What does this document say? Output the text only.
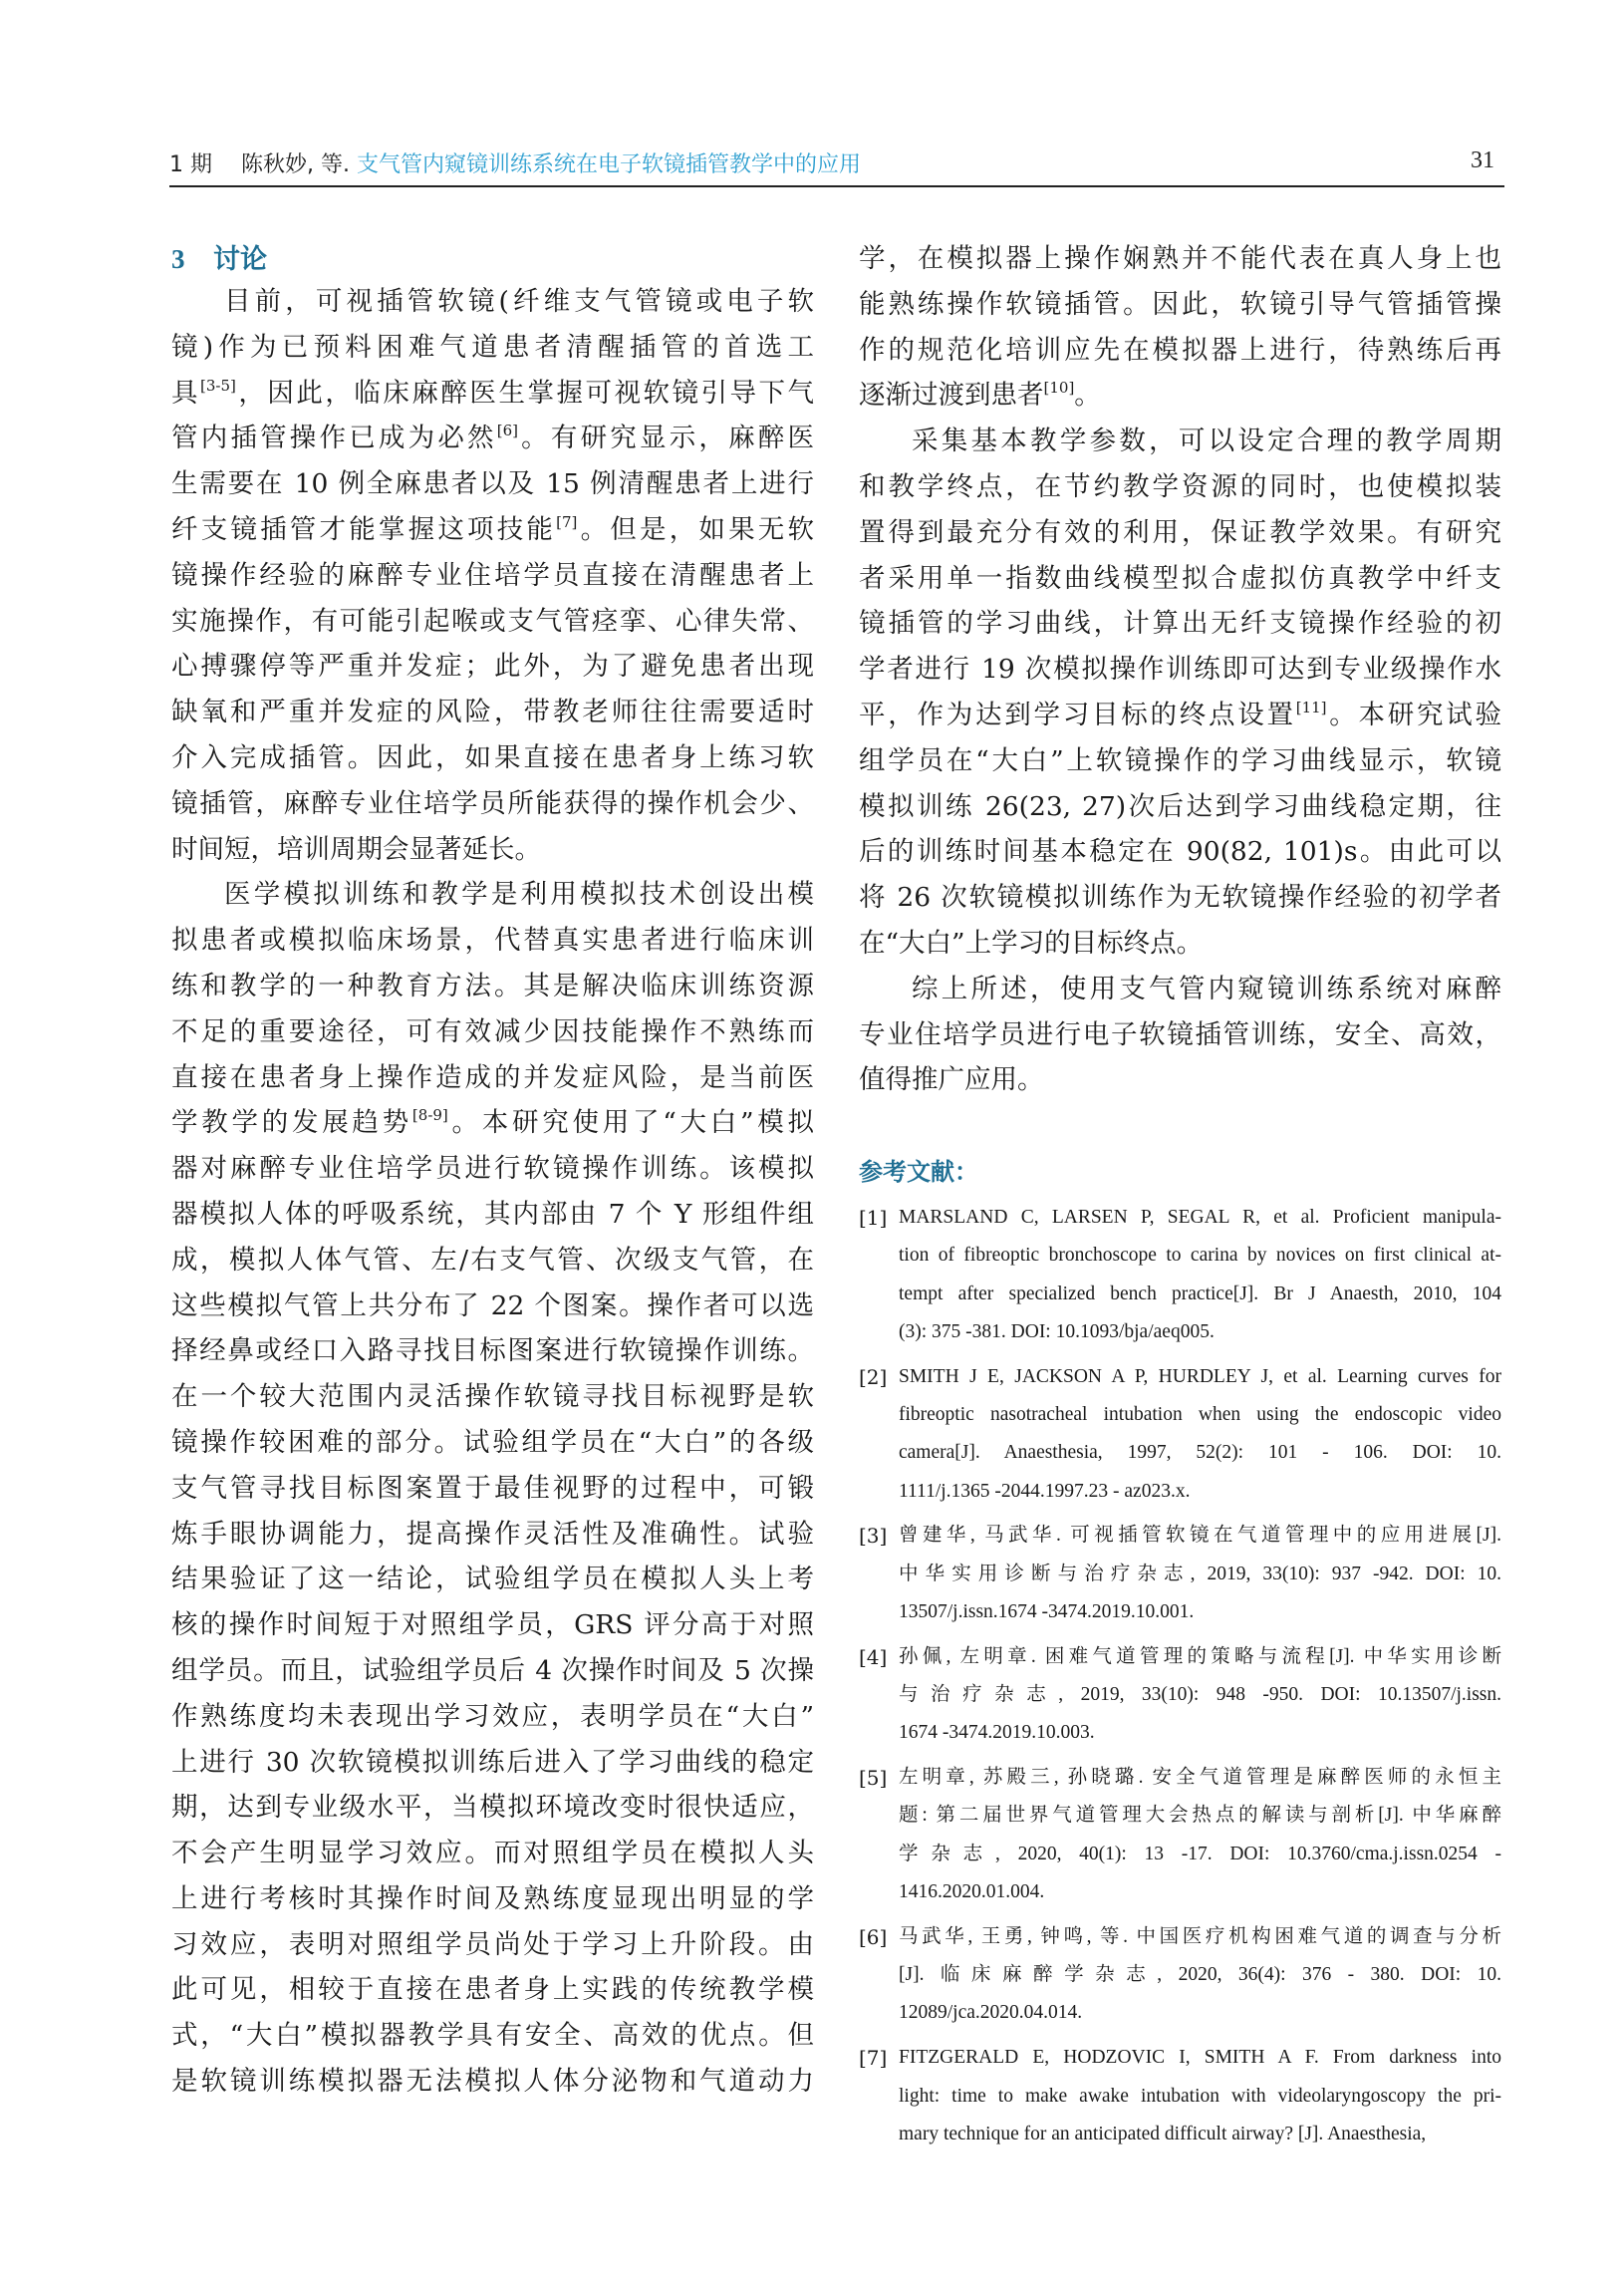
1 期 陈秋妙, 等. 支气管内窥镜训练系统在电子软镜插管教学中的应用	31
3 讨论
目前，可视插管软镜(纤维支气管镜或电子软
镜)作为已预料困难气道患者清醒插管的首选工
具[3-5]，因此，临床麻醉医生掌握可视软镜引导下气
管内插管操作已成为必然[6]。有研究显示，麻醉医
生需要在 10 例全麻患者以及 15 例清醒患者上进行
纤支镜插管才能掌握这项技能[7]。但是，如果无软
镜操作经验的麻醉专业住培学员直接在清醒患者上
实施操作，有可能引起喉或支气管痉挛、心律失常、
心搏骤停等严重并发症；此外，为了避免患者出现
缺氧和严重并发症的风险，带教老师往往需要适时
介入完成插管。因此，如果直接在患者身上练习软
镜插管，麻醉专业住培学员所能获得的操作机会少、
时间短，培训周期会显著延长。
医学模拟训练和教学是利用模拟技术创设出模
拟患者或模拟临床场景，代替真实患者进行临床训
练和教学的一种教育方法。其是解决临床训练资源
不足的重要途径，可有效减少因技能操作不熟练而
直接在患者身上操作造成的并发症风险，是当前医
学教学的发展趋势[8-9]。本研究使用了“大白”模拟
器对麻醉专业住培学员进行软镜操作训练。该模拟
器模拟人体的呼吸系统，其内部由 7 个 Y 形组件组
成，模拟人体气管、左/右支气管、次级支气管，在
这些模拟气管上共分布了 22 个图案。操作者可以选
择经鼻或经口入路寻找目标图案进行软镜操作训练。
在一个较大范围内灵活操作软镜寻找目标视野是软
镜操作较困难的部分。试验组学员在“大白”的各级
支气管寻找目标图案置于最佳视野的过程中，可锻
炼手眼协调能力，提高操作灵活性及准确性。试验
结果验证了这一结论，试验组学员在模拟人头上考
核的操作时间短于对照组学员，GRS 评分高于对照
组学员。而且，试验组学员后 4 次操作时间及 5 次操
作熟练度均未表现出学习效应，表明学员在“大白”
上进行 30 次软镜模拟训练后进入了学习曲线的稳定
期，达到专业级水平，当模拟环境改变时很快适应，
不会产生明显学习效应。而对照组学员在模拟人头
上进行考核时其操作时间及熟练度显现出明显的学
习效应，表明对照组学员尚处于学习上升阶段。由
此可见，相较于直接在患者身上实践的传统教学模
式，“大白”模拟器教学具有安全、高效的优点。但
是软镜训练模拟器无法模拟人体分泌物和气道动力
学，在模拟器上操作娴熟并不能代表在真人身上也
能熟练操作软镜插管。因此，软镜引导气管插管操
作的规范化培训应先在模拟器上进行，待熟练后再
逐渐过渡到患者[10]。
采集基本教学参数，可以设定合理的教学周期
和教学终点，在节约教学资源的同时，也使模拟装
置得到最充分有效的利用，保证教学效果。有研究
者采用单一指数曲线模型拟合虚拟仿真教学中纤支
镜插管的学习曲线，计算出无纤支镜操作经验的初
学者进行 19 次模拟操作训练即可达到专业级操作水
平，作为达到学习目标的终点设置[11]。本研究试验
组学员在“大白”上软镜操作的学习曲线显示，软镜
模拟训练 26(23, 27)次后达到学习曲线稳定期，往
后的训练时间基本稳定在 90(82, 101)s。由此可以
将 26 次软镜模拟训练作为无软镜操作经验的初学者
在“大白”上学习的目标终点。
综上所述，使用支气管内窥镜训练系统对麻醉
专业住培学员进行电子软镜插管训练，安全、高效，
值得推广应用。
参考文献：
[1] MARSLAND C, LARSEN P, SEGAL R, et al. Proficient manipula-
tion of fibreoptic bronchoscope to carina by novices on first clinical at-
tempt after specialized bench practice[J]. Br J Anaesth, 2010, 104
(3): 375 -381. DOI: 10.1093/bja/aeq005.
[2] SMITH J E, JACKSON A P, HURDLEY J, et al. Learning curves for
fibreoptic nasotracheal intubation when using the endoscopic video
camera[J]. Anaesthesia, 1997, 52(2): 101 - 106. DOI: 10.
1111/j.1365 -2044.1997.23 - az023.x.
[3] 曾建华, 马武华. 可视插管软镜在气道管理中的应用进展[J].
中华实用诊断与治疗杂志, 2019, 33(10): 937 -942. DOI: 10.
13507/j.issn.1674 -3474.2019.10.001.
[4] 孙佩, 左明章. 困难气道管理的策略与流程[J]. 中华实用诊断
与治疗杂志, 2019, 33(10): 948 -950. DOI: 10.13507/j.issn.
1674 -3474.2019.10.003.
[5] 左明章, 苏殿三, 孙晓璐. 安全气道管理是麻醉医师的永恒主
题: 第二届世界气道管理大会热点的解读与剖析[J]. 中华麻醉
学杂志, 2020, 40(1): 13 -17. DOI: 10.3760/cma.j.issn.0254 -
1416.2020.01.004.
[6] 马武华, 王勇, 钟鸣, 等. 中国医疗机构困难气道的调查与分析
[J]. 临床麻醉学杂志, 2020, 36(4): 376 - 380. DOI: 10.
12089/jca.2020.04.014.
[7] FITZGERALD E, HODZOVIC I, SMITH A F. From darkness into
light: time to make awake intubation with videolaryngoscopy the pri-
mary technique for an anticipated difficult airway? [J]. Anaesthesia,
